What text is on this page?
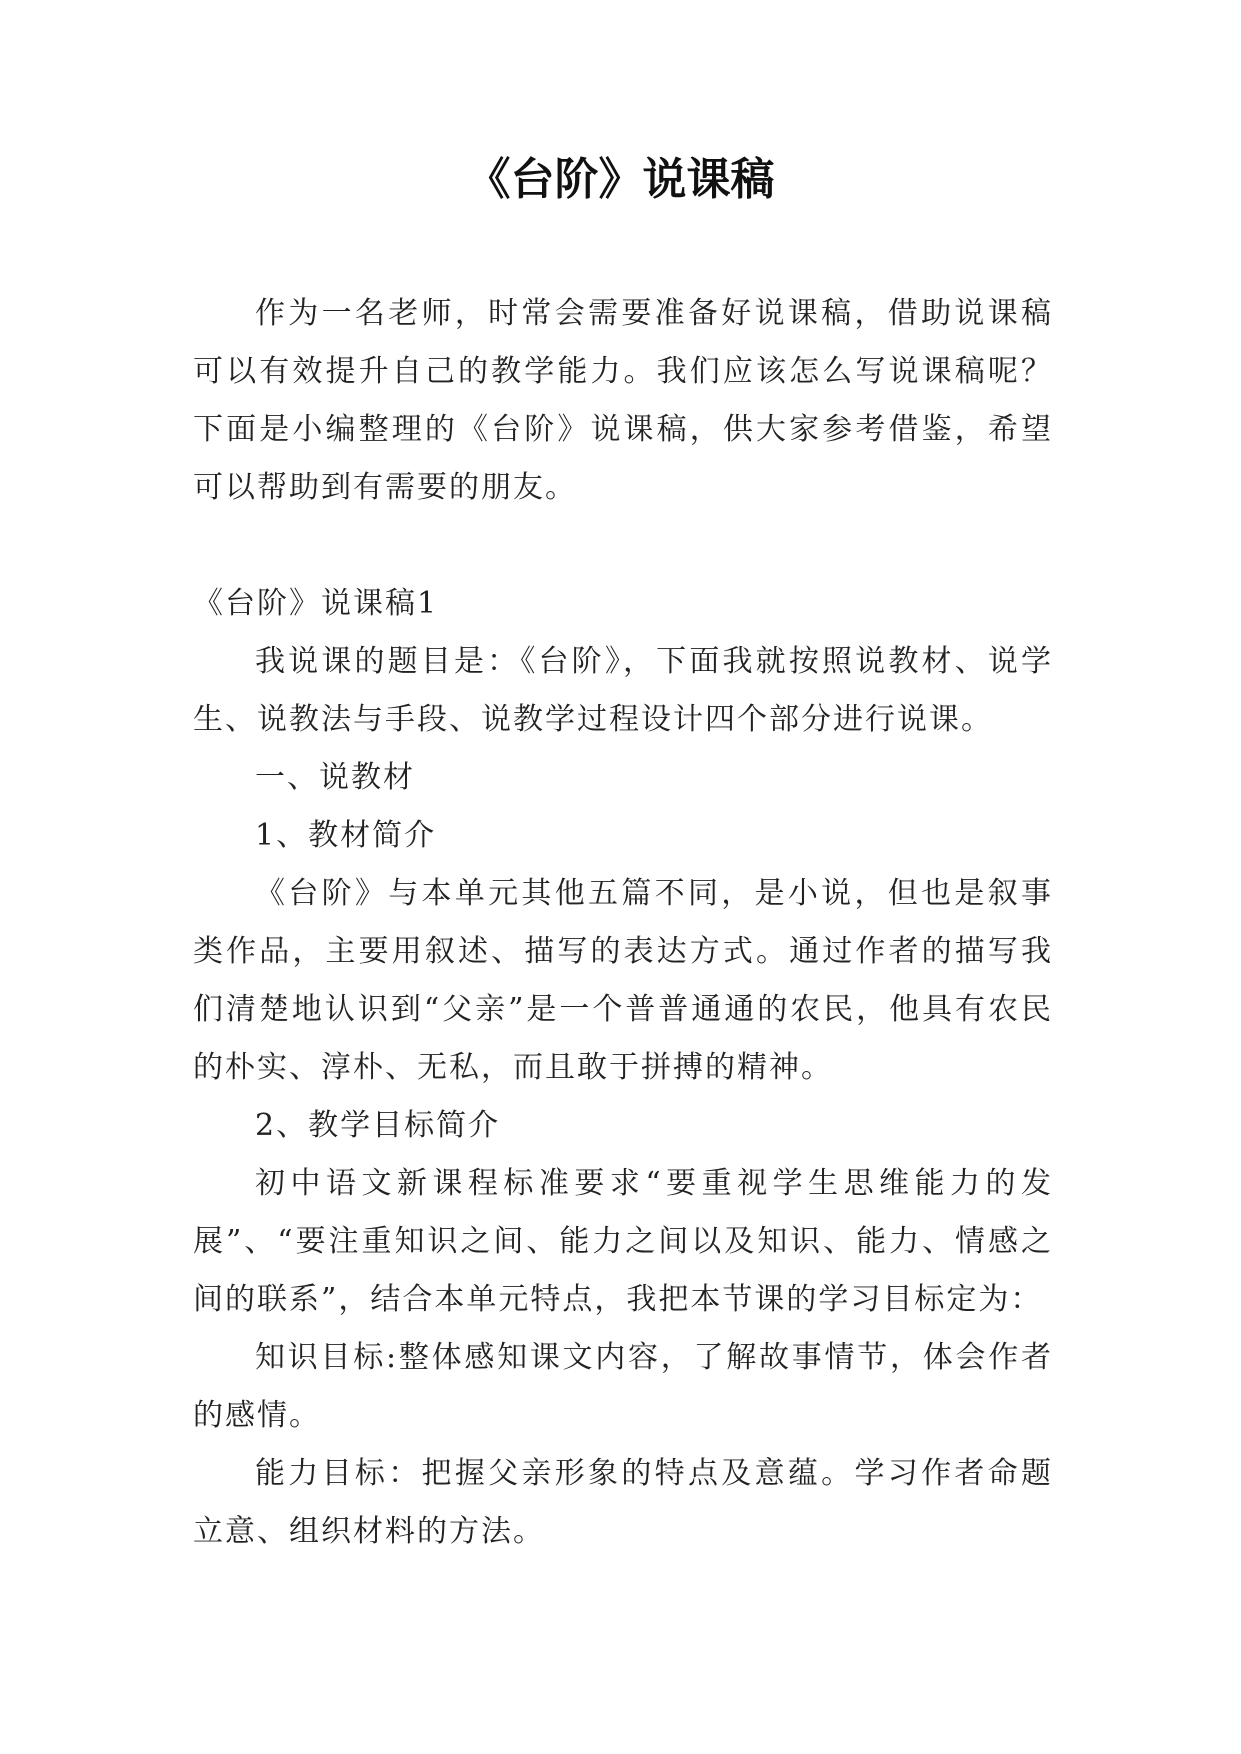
《台阶》说课稿

作为一名老师，时常会需要准备好说课稿，借助说课稿可以有效提升自己的教学能力。我们应该怎么写说课稿呢？下面是小编整理的《台阶》说课稿，供大家参考借鉴，希望可以帮助到有需要的朋友。

《台阶》说课稿1

我说课的题目是：《台阶》，下面我就按照说教材、说学生、说教法与手段、说教学过程设计四个部分进行说课。

一、说教材

1、教材简介

《台阶》与本单元其他五篇不同，是小说，但也是叙事类作品，主要用叙述、描写的表达方式。通过作者的描写我们清楚地认识到“父亲”是一个普普通通的农民，他具有农民的朴实、淳朴、无私，而且敢于拼搏的精神。

2、教学目标简介

初中语文新课程标准要求“要重视学生思维能力的发展”、“要注重知识之间、能力之间以及知识、能力、情感之间的联系”，结合本单元特点，我把本节课的学习目标定为：

知识目标:整体感知课文内容，了解故事情节，体会作者的感情。

能力目标：把握父亲形象的特点及意蕴。学习作者命题立意、组织材料的方法。
